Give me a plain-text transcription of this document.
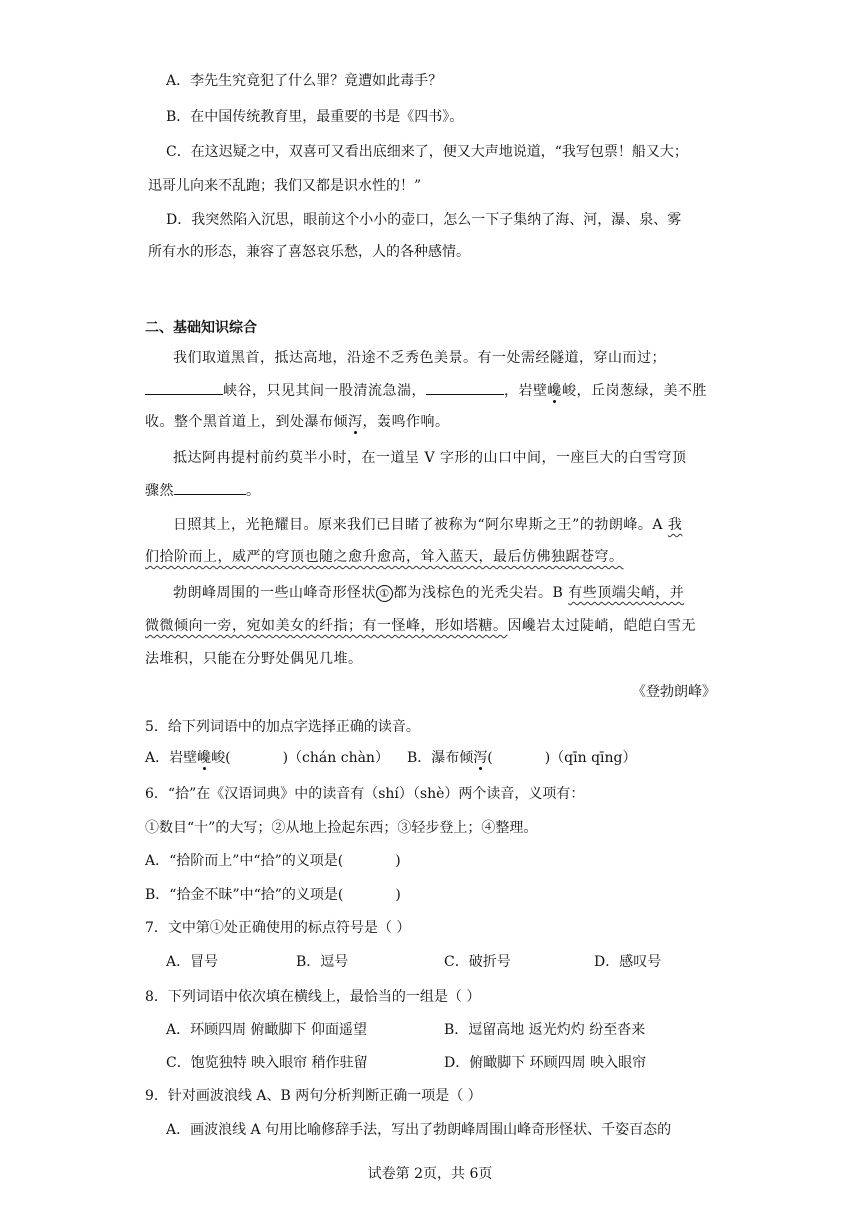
A．李先生究竟犯了什么罪？竟遭如此毒手？
B．在中国传统教育里，最重要的书是《四书》。
C．在这迟疑之中，双喜可又看出底细来了，便又大声地说道，“我写包票！船又大；
迅哥儿向来不乱跑；我们又都是识水性的！”
D．我突然陷入沉思，眼前这个小小的壶口，怎么一下子集纳了海、河，瀑、泉、雾
所有水的形态，兼容了喜怒哀乐愁，人的各种感情。
二、基础知识综合
我们取道黑首，抵达高地，沿途不乏秀色美景。有一处需经隧道，穿山而过；
峡谷，只见其间一股清流急湍，	，岩壁巉峻，丘岗葱绿，美不胜
收。整个黑首道上，到处瀑布倾泻，轰鸣作响。
抵达阿冉提村前约莫半小时，在一道呈 V 字形的山口中间，一座巨大的白雪穹顶
骤然	。
日照其上，光艳耀目。原来我们已目睹了被称为“阿尔卑斯之王”的勃朗峰。A 我
们拾阶而上，威严的穹顶也随之愈升愈高，耸入蓝天，最后仿佛独踞苍穹。
勃朗峰周围的一些山峰奇形怪状 ① 都为浅棕色的光秃尖岩。B 有些顶端尖峭，并
微微倾向一旁，宛如美女的纤指；有一怪峰，形如塔糖。因巉岩太过陡峭，皑皑白雪无
法堆积，只能在分野处偶见几堆。
《登勃朗峰》
5．给下列词语中的加点字选择正确的读音。
A．岩壁巉峻(	)（chán chàn） B．瀑布倾泻(	)（qīn qīng）
6．“拾”在《汉语词典》中的读音有（shí）（shè）两个读音，义项有：
①数目“十”的大写；②从地上捡起东西；③轻步登上；④整理。
A．“拾阶而上”中“拾”的义项是(	)
B．“拾金不昧”中“拾”的义项是(	)
7．文中第①处正确使用的标点符号是（ ）
A．冒号	B．逗号	C．破折号	D．感叹号
8．下列词语中依次填在横线上，最恰当的一组是（ ）
A．环顾四周 俯瞰脚下 仰面遥望	B．逗留高地 返光灼灼 纷至沓来
C．饱览独特 映入眼帘 稍作驻留	D．俯瞰脚下 环顾四周 映入眼帘
9．针对画波浪线 A、B 两句分析判断正确一项是（ ）
A．画波浪线 A 句用比喻修辞手法，写出了勃朗峰周围山峰奇形怪状、千姿百态的
试卷第 2页，共 6页
